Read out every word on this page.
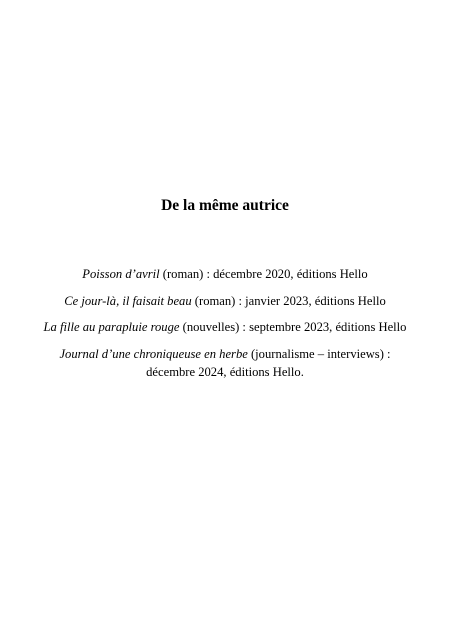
De la même autrice

Poisson d’avril (roman) : décembre 2020, éditions Hello

Ce jour-là, il faisait beau (roman) : janvier 2023, éditions Hello

La fille au parapluie rouge (nouvelles) : septembre 2023, éditions Hello

Journal d’une chroniqueuse en herbe (journalisme – interviews) :
décembre 2024, éditions Hello.
